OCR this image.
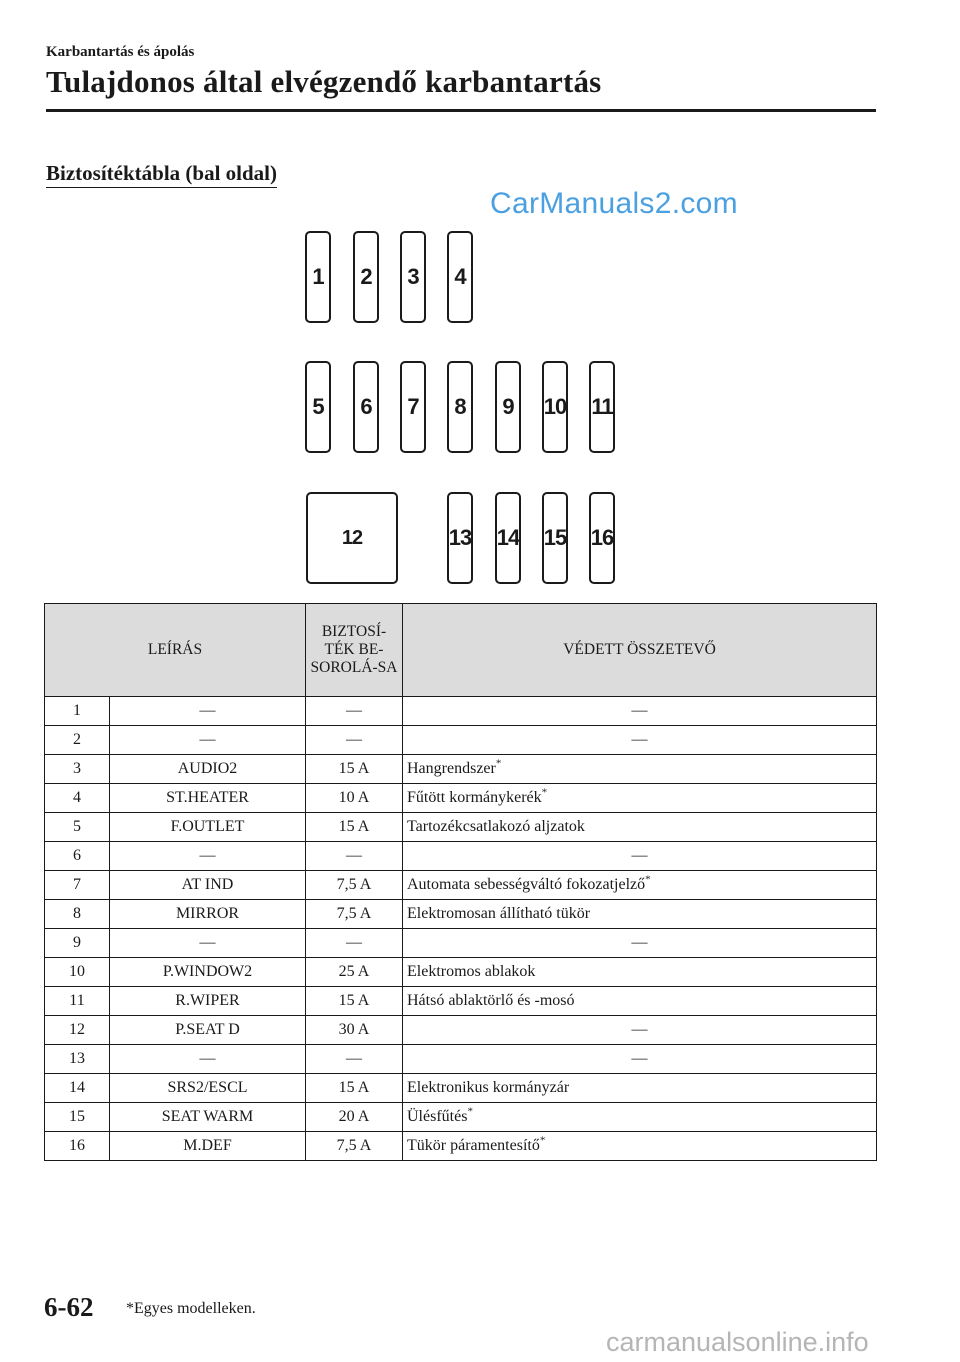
Karbantartás és ápolás
Tulajdonos által elvégzendő karbantartás
Biztosítéktábla (bal oldal)
CarManuals2.com
1	2	3	4
5	6	7	8	9	10 11
12	13 14 15 16
LEÍRÁS		BIZTOSÍ-TÉK BE-SOROLÁ-SA	VÉDETT ÖSSZETEVŐ
1	—	—	—
2	—	—	—
3	AUDIO2	15 A	Hangrendszer*
4	ST.HEATER	10 A	Fűtött kormánykerék*
5	F.OUTLET	15 A	Tartozékcsatlakozó aljzatok
6	—	—	—
7	AT IND	7,5 A	Automata sebességváltó fokozatjelző*
8	MIRROR	7,5 A	Elektromosan állítható tükör
9	—	—	—
10	P.WINDOW2	25 A	Elektromos ablakok
11	R.WIPER	15 A	Hátsó ablaktörlő és -mosó
12	P.SEAT D	30 A	—
13	—	—	—
14	SRS2/ESCL	15 A	Elektronikus kormányzár
15	SEAT WARM	20 A	Ülésfűtés*
16	M.DEF	7,5 A	Tükör páramentesítő*
6-62 *Egyes modelleken.
carmanualsonline.info
